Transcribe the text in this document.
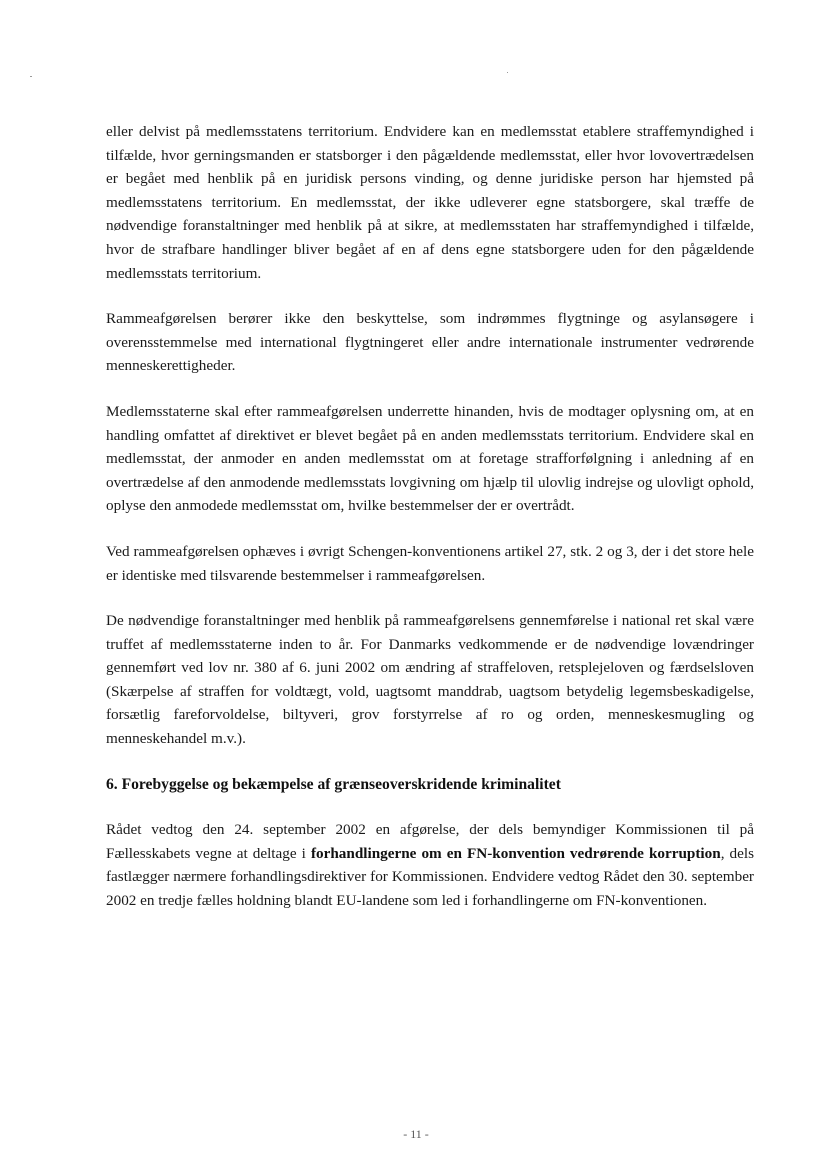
eller delvist på medlemsstatens territorium. Endvidere kan en medlemsstat etablere straffemyndighed i tilfælde, hvor gerningsmanden er statsborger i den pågældende medlemsstat, eller hvor lovovertrædelsen er begået med henblik på en juridisk persons vinding, og denne juridiske person har hjemsted på medlemsstatens territorium. En medlemsstat, der ikke udleverer egne statsborgere, skal træffe de nødvendige foranstaltninger med henblik på at sikre, at medlemsstaten har straffemyndighed i tilfælde, hvor de strafbare handlinger bliver begået af en af dens egne statsborgere uden for den pågældende medlemsstats territorium.

Rammeafgørelsen berører ikke den beskyttelse, som indrømmes flygtninge og asylansøgere i overensstemmelse med international flygtningeret eller andre internationale instrumenter vedrørende menneskerettigheder.

Medlemsstaterne skal efter rammeafgørelsen underrette hinanden, hvis de modtager oplysning om, at en handling omfattet af direktivet er blevet begået på en anden medlemsstats territorium. Endvidere skal en medlemsstat, der anmoder en anden medlemsstat om at foretage strafforfølgning i anledning af en overtrædelse af den anmodende medlemsstats lovgivning om hjælp til ulovlig indrejse og ulovligt ophold, oplyse den anmodede medlemsstat om, hvilke bestemmelser der er overtrådt.

Ved rammeafgørelsen ophæves i øvrigt Schengen-konventionens artikel 27, stk. 2 og 3, der i det store hele er identiske med tilsvarende bestemmelser i rammeafgørelsen.

De nødvendige foranstaltninger med henblik på rammeafgørelsens gennemførelse i national ret skal være truffet af medlemsstaterne inden to år. For Danmarks vedkommende er de nødvendige lovændringer gennemført ved lov nr. 380 af 6. juni 2002 om ændring af straffeloven, retsplejeloven og færdselsloven (Skærpelse af straffen for voldtægt, vold, uagtsomt manddrab, uagtsom betydelig legemsbeskadigelse, forsætlig fareforvoldelse, biltyveri, grov forstyrrelse af ro og orden, menneskesmugling og menneskehandel m.v.).

6. Forebyggelse og bekæmpelse af grænseoverskridende kriminalitet

Rådet vedtog den 24. september 2002 en afgørelse, der dels bemyndiger Kommissionen til på Fællesskabets vegne at deltage i forhandlingerne om en FN-konvention vedrørende korruption, dels fastlægger nærmere forhandlingsdirektiver for Kommissionen. Endvidere vedtog Rådet den 30. september 2002 en tredje fælles holdning blandt EU-landene som led i forhandlingerne om FN-konventionen.

- 11 -
